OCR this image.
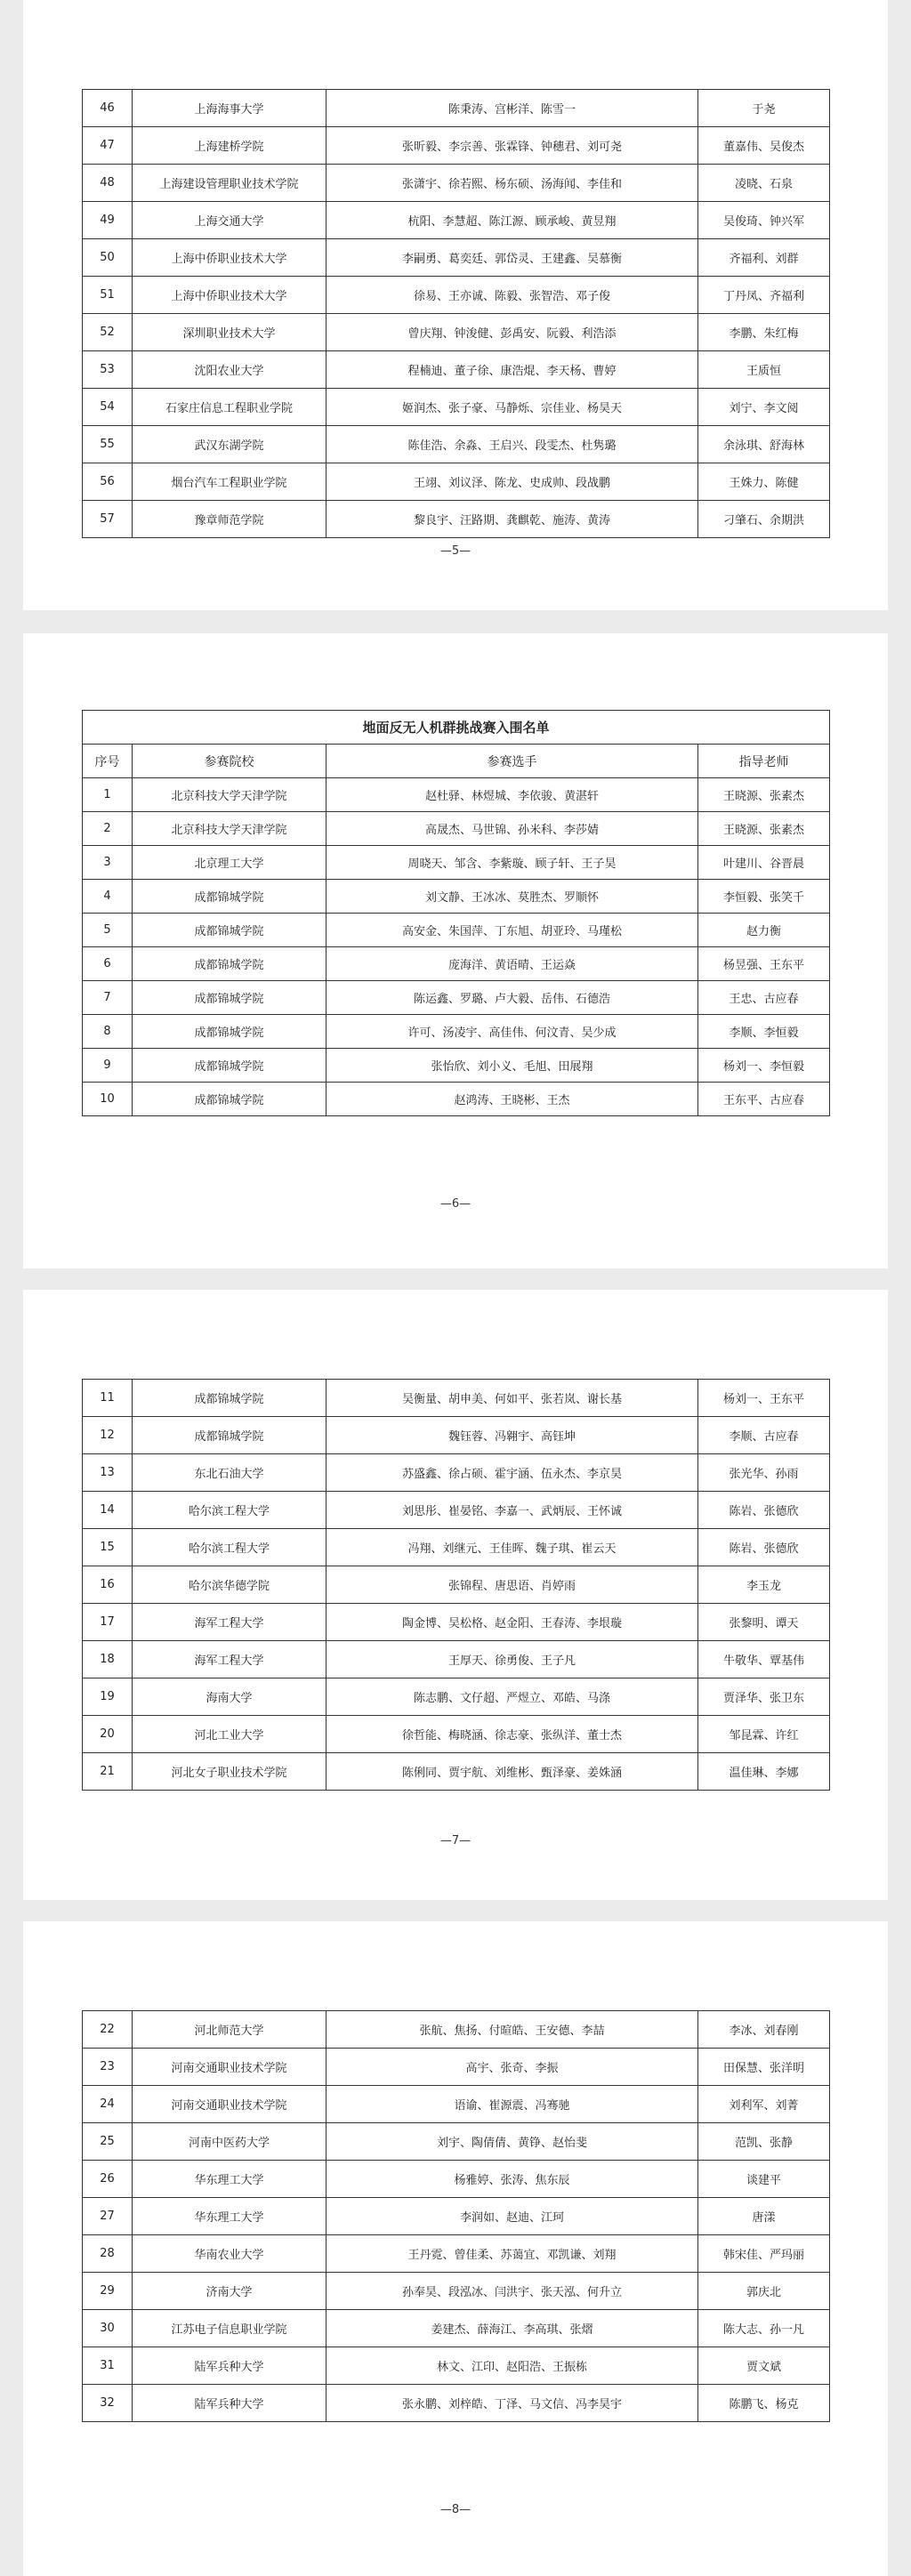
46	上海海事大学	陈秉涛、宫彬洋、陈雪一	于尧
47	上海建桥学院	张昕毅、李宗善、张霖锋、钟穗君、刘可尧	董嘉伟、吴俊杰
48	上海建设管理职业技术学院	张潇宇、徐若熙、杨东硕、汤海闻、李佳和	凌晓、石泉
49	上海交通大学	杭阳、李慧超、陈江源、顾承峻、黄昱翔	吴俊琦、钟兴军
50	上海中侨职业技术大学	李嗣勇、葛奕廷、郭岱灵、王建鑫、吴慕衡	齐福利、刘群
51	上海中侨职业技术大学	徐易、王亦诚、陈毅、张智浩、邓子俊	丁丹凤、齐福利
52	深圳职业技术大学	曾庆翔、钟浚健、彭禹安、阮毅、利浩添	李鹏、朱红梅
53	沈阳农业大学	程楠迪、董子徐、康浩焜、李天杨、曹婷	王质恒
54	石家庄信息工程职业学院	姬润杰、张子豪、马静烁、宗佳业、杨昊天	刘宁、李文阅
55	武汉东湖学院	陈佳浩、余淼、王启兴、段雯杰、杜隽璐	余泳琪、舒海林
56	烟台汽车工程职业学院	王翊、刘议泽、陈龙、史成帅、段战鹏	王姝力、陈健
57	豫章师范学院	黎良宇、汪路期、龚麒乾、施涛、黄涛	刁肇石、余期洪
—5—
地面反无人机群挑战赛入围名单			
序号	参赛院校	参赛选手	指导老师
1	北京科技大学天津学院	赵杜驿、林煜城、李依骏、黄湛轩	王晓源、张素杰
2	北京科技大学天津学院	高晟杰、马世锦、孙米科、李莎婧	王晓源、张素杰
3	北京理工大学	周晓天、邹含、李紫璇、顾子轩、王子昊	叶建川、谷晋晨
4	成都锦城学院	刘文静、王冰冰、莫胜杰、罗顺怀	李恒毅、张笑千
5	成都锦城学院	高安金、朱国萍、丁东旭、胡亚玲、马瑾松	赵力衡
6	成都锦城学院	庞海洋、黄语晴、王运焱	杨昱强、王东平
7	成都锦城学院	陈运鑫、罗璐、卢大毅、岳伟、石德浩	王忠、古应春
8	成都锦城学院	许可、汤凌宇、高佳伟、何汶青、吴少成	李顺、李恒毅
9	成都锦城学院	张怡欣、刘小义、毛旭、田展翔	杨刘一、李恒毅
10	成都锦城学院	赵鸿涛、王晓彬、王杰	王东平、古应春
—6—
11	成都锦城学院	吴衡量、胡申美、何如平、张若岚、谢长基	杨刘一、王东平
12	成都锦城学院	魏钰蓉、冯翱宇、高钰坤	李顺、古应春
13	东北石油大学	苏盛鑫、徐占硕、霍宇涵、伍永杰、李京昊	张光华、孙雨
14	哈尔滨工程大学	刘思彤、崔晏铭、李嘉一、武炳辰、王怀诚	陈岩、张德欣
15	哈尔滨工程大学	冯翔、刘继元、王佳晖、魏子琪、崔云天	陈岩、张德欣
16	哈尔滨华德学院	张锦程、唐思语、肖婷雨	李玉龙
17	海军工程大学	陶金博、吴松格、赵金阳、王春涛、李垠璇	张黎明、谭天
18	海军工程大学	王厚天、徐勇俊、王子凡	牛敬华、覃基伟
19	海南大学	陈志鹏、文仔超、严煜立、邓皓、马涤	贾泽华、张卫东
20	河北工业大学	徐哲能、梅晓涵、徐志豪、张纵洋、董士杰	邹昆霖、许红
21	河北女子职业技术学院	陈俐同、贾宇航、刘维彬、甄泽豪、姜姝涵	温佳琳、李娜
—7—
22	河北师范大学	张航、焦扬、付暄皓、王安德、李喆	李冰、刘春刚
23	河南交通职业技术学院	高宇、张奇、李振	田保慧、张洋明
24	河南交通职业技术学院	语谕、崔源震、冯骞驰	刘利军、刘菁
25	河南中医药大学	刘宇、陶倩倩、黄铮、赵怡斐	范凯、张静
26	华东理工大学	杨雅婷、张涛、焦东辰	谈建平
27	华东理工大学	李润如、赵迪、江珂	唐漾
28	华南农业大学	王丹霓、曾佳柔、苏蔼宜、邓凯谦、刘翔	韩宋佳、严玛丽
29	济南大学	孙奉昊、段泓冰、闫洪宇、张天泓、何升立	郭庆北
30	江苏电子信息职业学院	姜建杰、薛海江、李高琪、张熠	陈大志、孙一凡
31	陆军兵种大学	林文、江印、赵阳浩、王振栋	贾文斌
32	陆军兵种大学	张永鹏、刘梓皓、丁泽、马文信、冯李昊宇	陈鹏飞、杨克
—8—
